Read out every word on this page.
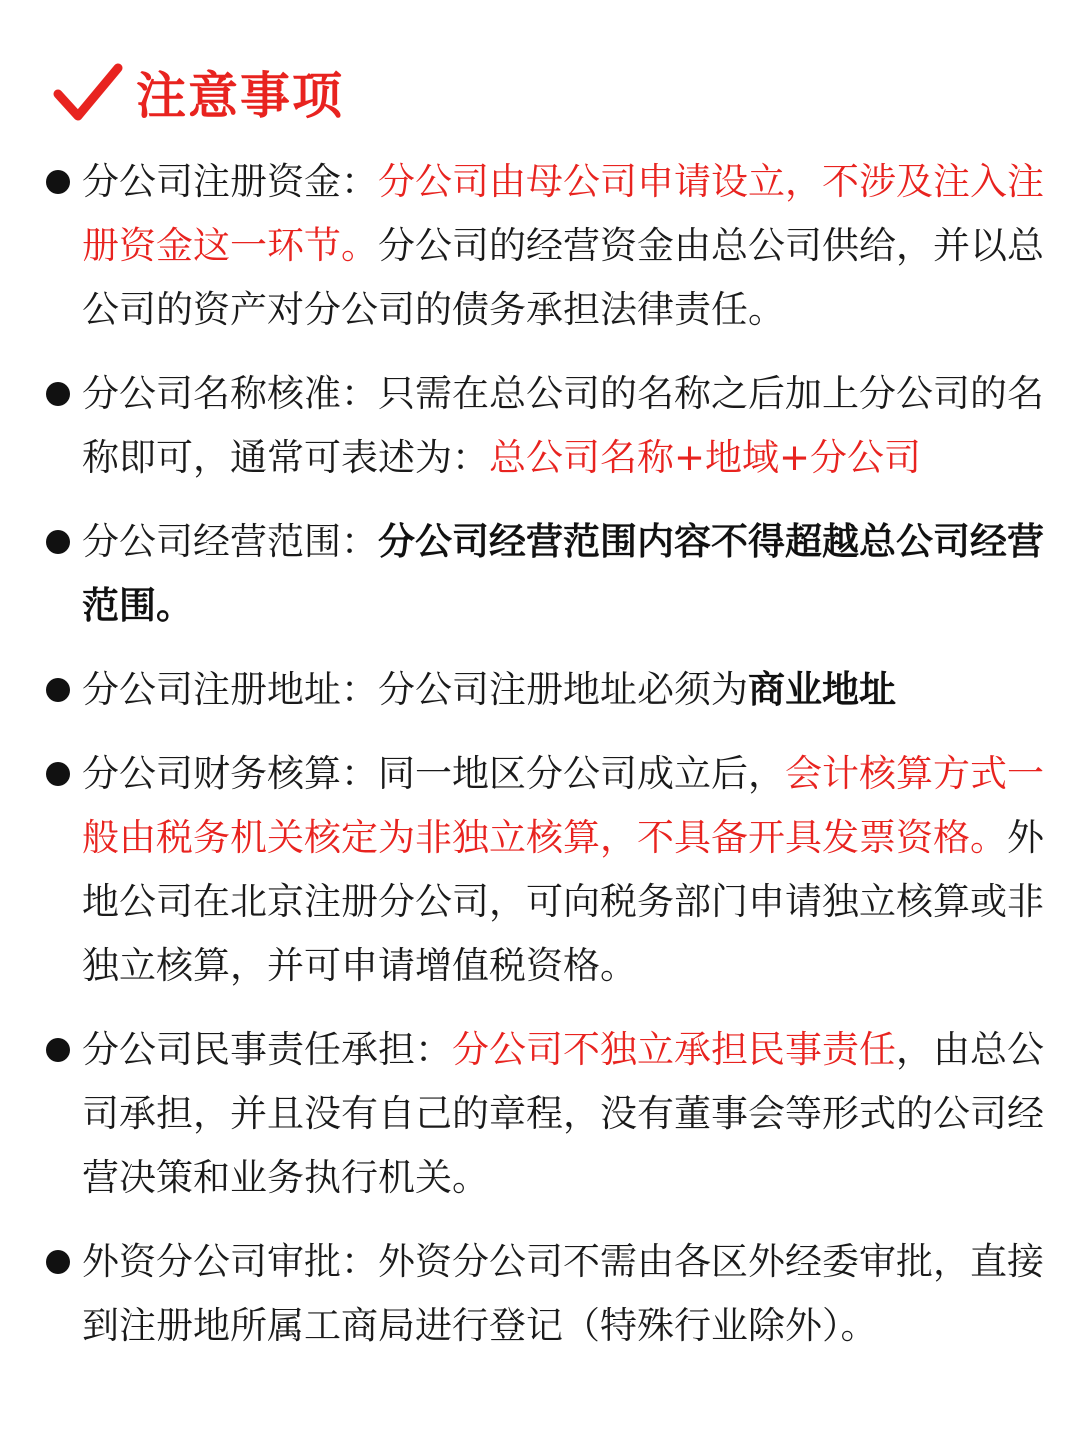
注意事项
分公司注册资金：分公司由母公司申请设立，不涉及注入注册资金这一环节。分公司的经营资金由总公司供给，并以总公司的资产对分公司的债务承担法律责任。
分公司名称核准：只需在总公司的名称之后加上分公司的名称即可，通常可表述为：总公司名称+地域+分公司
分公司经营范围：分公司经营范围内容不得超越总公司经营范围。
分公司注册地址：分公司注册地址必须为商业地址
分公司财务核算：同一地区分公司成立后，会计核算方式一般由税务机关核定为非独立核算，不具备开具发票资格。外地公司在北京注册分公司，可向税务部门申请独立核算或非独立核算，并可申请增值税资格。
分公司民事责任承担：分公司不独立承担民事责任，由总公司承担，并且没有自己的章程，没有董事会等形式的公司经营决策和业务执行机关。
外资分公司审批：外资分公司不需由各区外经委审批，直接到注册地所属工商局进行登记（特殊行业除外）。
